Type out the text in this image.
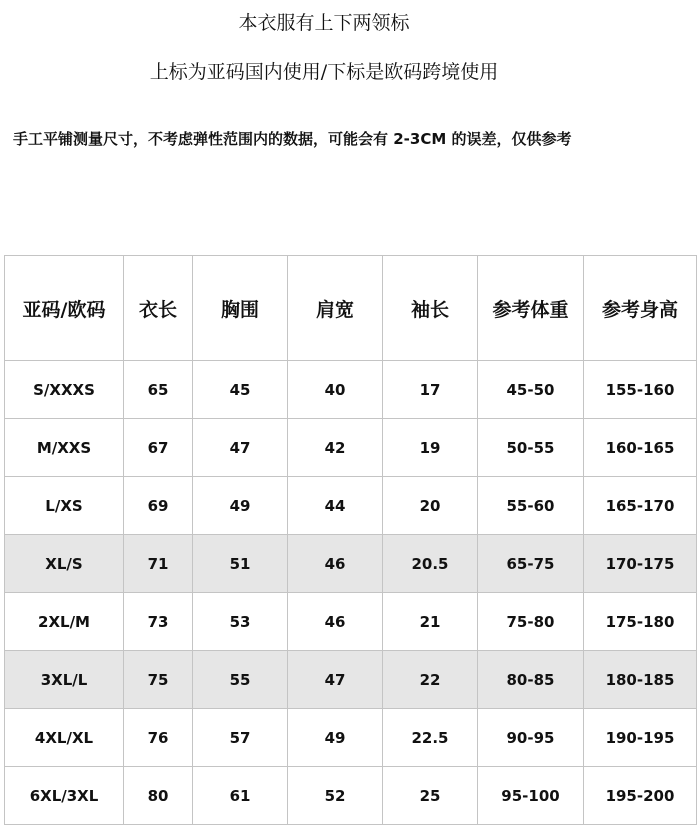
本衣服有上下两领标
上标为亚码国内使用/下标是欧码跨境使用
手工平铺测量尺寸，不考虑弹性范围内的数据，可能会有 2-3CM 的误差，仅供参考
亚码/欧码	衣长	胸围	肩宽	袖长	参考体重	参考身高
S/XXXS	65	45	40	17	45-50	155-160
M/XXS	67	47	42	19	50-55	160-165
L/XS	69	49	44	20	55-60	165-170
XL/S	71	51	46	20.5	65-75	170-175
2XL/M	73	53	46	21	75-80	175-180
3XL/L	75	55	47	22	80-85	180-185
4XL/XL	76	57	49	22.5	90-95	190-195
6XL/3XL	80	61	52	25	95-100	195-200
